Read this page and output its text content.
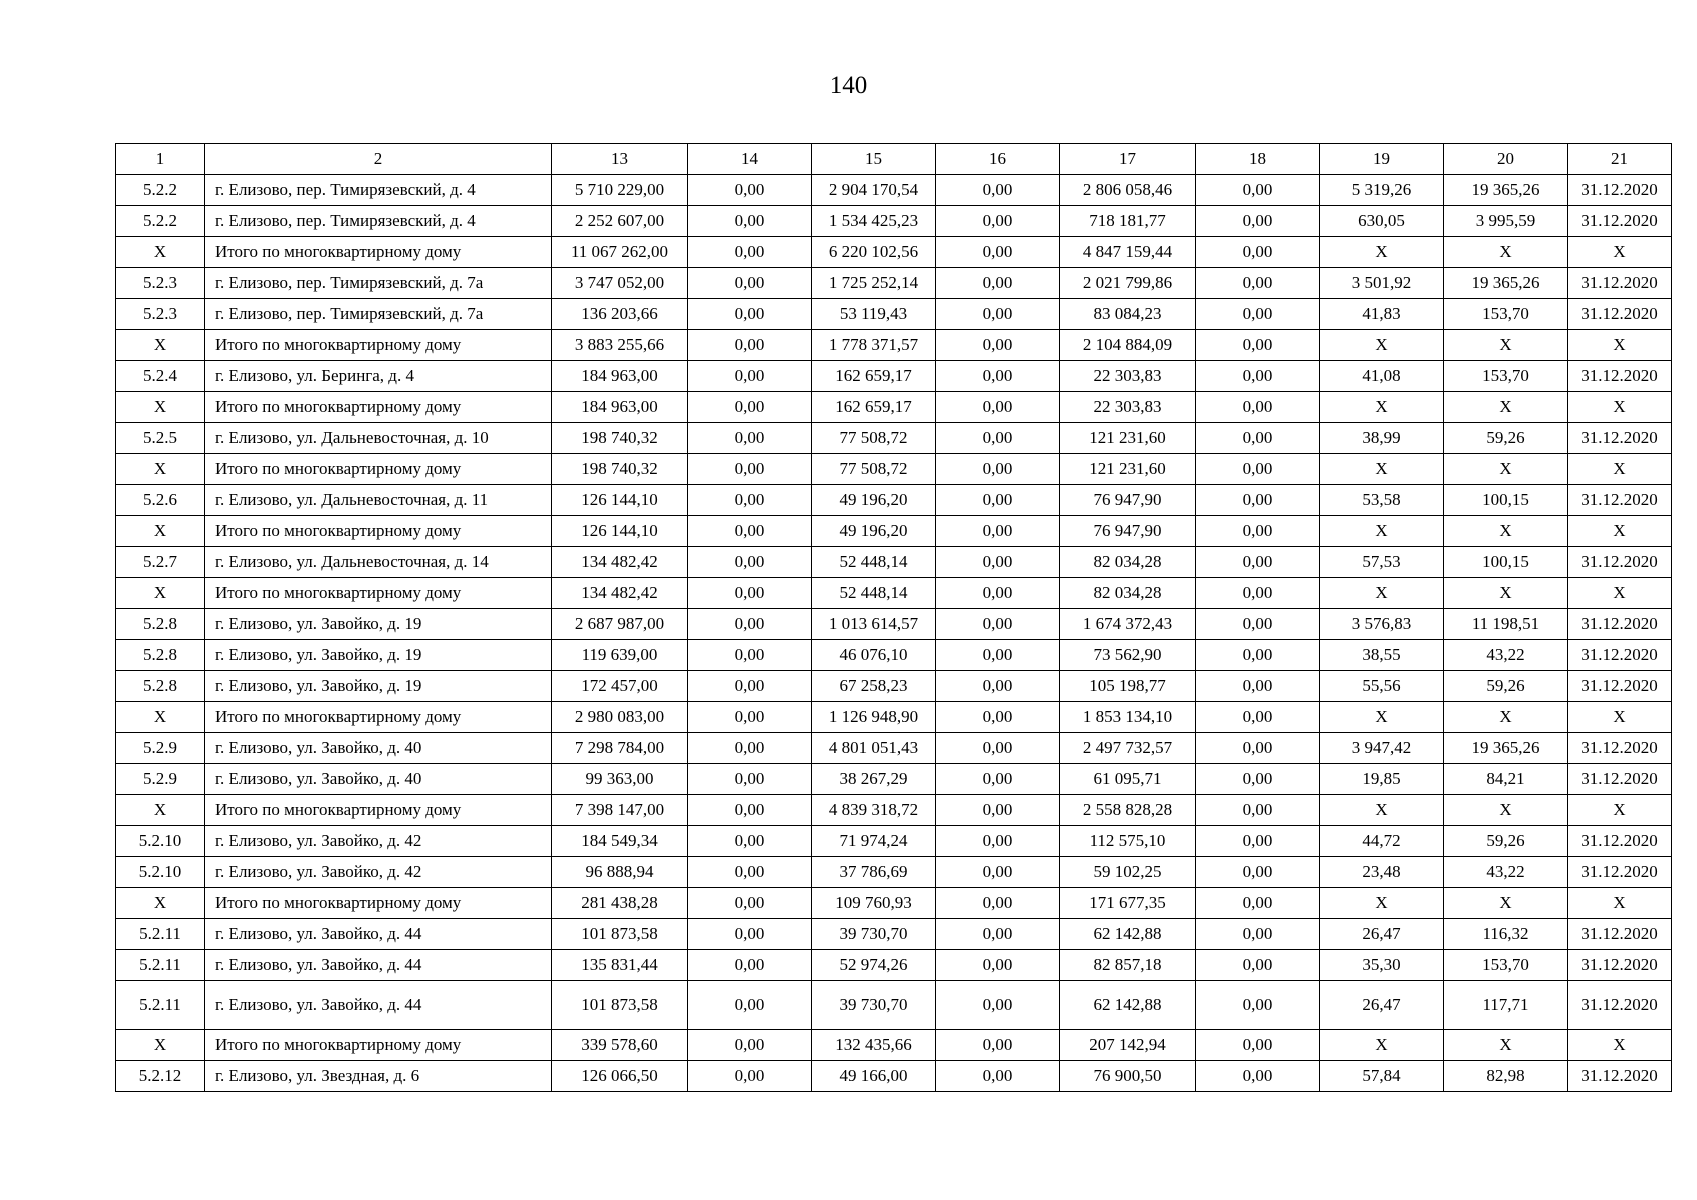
140
1	2	13	14	15	16	17	18	19	20	21
5.2.2	г. Елизово, пер. Тимирязевский, д. 4	5 710 229,00	0,00	2 904 170,54	0,00	2 806 058,46	0,00	5 319,26	19 365,26	31.12.2020
5.2.2	г. Елизово, пер. Тимирязевский, д. 4	2 252 607,00	0,00	1 534 425,23	0,00	718 181,77	0,00	630,05	3 995,59	31.12.2020
X	Итого по многоквартирному дому	11 067 262,00	0,00	6 220 102,56	0,00	4 847 159,44	0,00	X	X	X
5.2.3	г. Елизово, пер. Тимирязевский, д. 7а	3 747 052,00	0,00	1 725 252,14	0,00	2 021 799,86	0,00	3 501,92	19 365,26	31.12.2020
5.2.3	г. Елизово, пер. Тимирязевский, д. 7а	136 203,66	0,00	53 119,43	0,00	83 084,23	0,00	41,83	153,70	31.12.2020
X	Итого по многоквартирному дому	3 883 255,66	0,00	1 778 371,57	0,00	2 104 884,09	0,00	X	X	X
5.2.4	г. Елизово, ул. Беринга, д. 4	184 963,00	0,00	162 659,17	0,00	22 303,83	0,00	41,08	153,70	31.12.2020
X	Итого по многоквартирному дому	184 963,00	0,00	162 659,17	0,00	22 303,83	0,00	X	X	X
5.2.5	г. Елизово, ул. Дальневосточная, д. 10	198 740,32	0,00	77 508,72	0,00	121 231,60	0,00	38,99	59,26	31.12.2020
X	Итого по многоквартирному дому	198 740,32	0,00	77 508,72	0,00	121 231,60	0,00	X	X	X
5.2.6	г. Елизово, ул. Дальневосточная, д. 11	126 144,10	0,00	49 196,20	0,00	76 947,90	0,00	53,58	100,15	31.12.2020
X	Итого по многоквартирному дому	126 144,10	0,00	49 196,20	0,00	76 947,90	0,00	X	X	X
5.2.7	г. Елизово, ул. Дальневосточная, д. 14	134 482,42	0,00	52 448,14	0,00	82 034,28	0,00	57,53	100,15	31.12.2020
X	Итого по многоквартирному дому	134 482,42	0,00	52 448,14	0,00	82 034,28	0,00	X	X	X
5.2.8	г. Елизово, ул. Завойко, д. 19	2 687 987,00	0,00	1 013 614,57	0,00	1 674 372,43	0,00	3 576,83	11 198,51	31.12.2020
5.2.8	г. Елизово, ул. Завойко, д. 19	119 639,00	0,00	46 076,10	0,00	73 562,90	0,00	38,55	43,22	31.12.2020
5.2.8	г. Елизово, ул. Завойко, д. 19	172 457,00	0,00	67 258,23	0,00	105 198,77	0,00	55,56	59,26	31.12.2020
X	Итого по многоквартирному дому	2 980 083,00	0,00	1 126 948,90	0,00	1 853 134,10	0,00	X	X	X
5.2.9	г. Елизово, ул. Завойко, д. 40	7 298 784,00	0,00	4 801 051,43	0,00	2 497 732,57	0,00	3 947,42	19 365,26	31.12.2020
5.2.9	г. Елизово, ул. Завойко, д. 40	99 363,00	0,00	38 267,29	0,00	61 095,71	0,00	19,85	84,21	31.12.2020
X	Итого по многоквартирному дому	7 398 147,00	0,00	4 839 318,72	0,00	2 558 828,28	0,00	X	X	X
5.2.10	г. Елизово, ул. Завойко, д. 42	184 549,34	0,00	71 974,24	0,00	112 575,10	0,00	44,72	59,26	31.12.2020
5.2.10	г. Елизово, ул. Завойко, д. 42	96 888,94	0,00	37 786,69	0,00	59 102,25	0,00	23,48	43,22	31.12.2020
X	Итого по многоквартирному дому	281 438,28	0,00	109 760,93	0,00	171 677,35	0,00	X	X	X
5.2.11	г. Елизово, ул. Завойко, д. 44	101 873,58	0,00	39 730,70	0,00	62 142,88	0,00	26,47	116,32	31.12.2020
5.2.11	г. Елизово, ул. Завойко, д. 44	135 831,44	0,00	52 974,26	0,00	82 857,18	0,00	35,30	153,70	31.12.2020
5.2.11	г. Елизово, ул. Завойко, д. 44	101 873,58	0,00	39 730,70	0,00	62 142,88	0,00	26,47	117,71	31.12.2020
X	Итого по многоквартирному дому	339 578,60	0,00	132 435,66	0,00	207 142,94	0,00	X	X	X
5.2.12	г. Елизово, ул. Звездная, д. 6	126 066,50	0,00	49 166,00	0,00	76 900,50	0,00	57,84	82,98	31.12.2020
